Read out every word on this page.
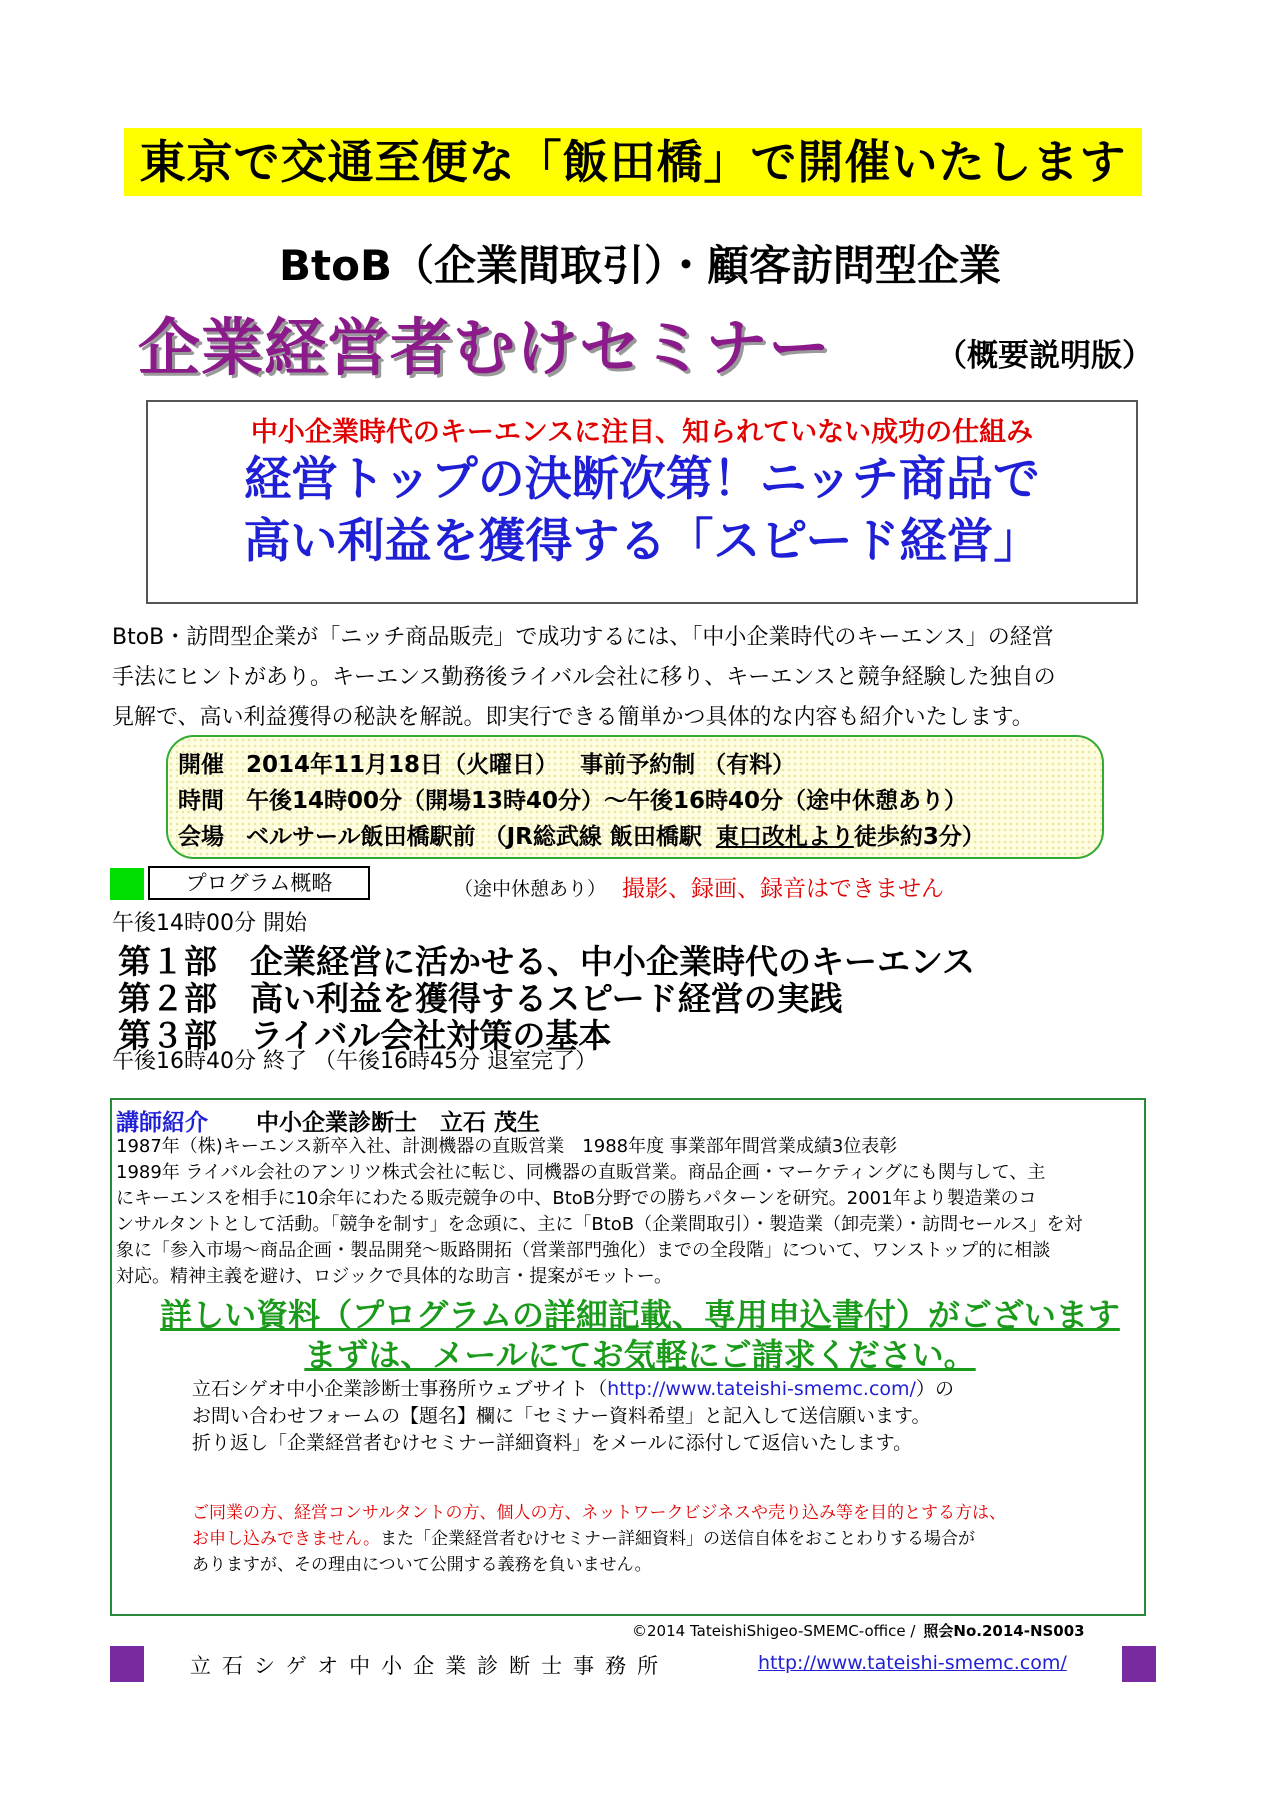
東京で交通至便な「飯田橋」で開催いたします
BtoB（企業間取引）・顧客訪問型企業
企業経営者むけセミナー	（概要説明版）
中小企業時代のキーエンスに注目、知られていない成功の仕組み
経営トップの決断次第！ニッチ商品で
高い利益を獲得する「スピード経営」
BtoB・訪問型企業が「ニッチ商品販売」で成功するには、「中小企業時代のキーエンス」の経営
手法にヒントがあり。キーエンス勤務後ライバル会社に移り、キーエンスと競争経験した独自の
見解で、高い利益獲得の秘訣を解説。即実行できる簡単かつ具体的な内容も紹介いたします。
開催 2014年11月18日（火曜日） 事前予約制 （有料）
時間 午後14時00分（開場13時40分）～午後16時40分（途中休憩あり）
会場 ベルサール飯田橋駅前 （JR総武線 飯田橋駅 東口改札より徒歩約3分）
プログラム概略	（途中休憩あり） 撮影、録画、録音はできません
午後14時00分 開始
第１部　企業経営に活かせる、中小企業時代のキーエンス
第２部　高い利益を獲得するスピード経営の実践
第３部　ライバル会社対策の基本
午後16時40分 終了 （午後16時45分 退室完了）
講師紹介 中小企業診断士　立石 茂生
1987年（株)キーエンス新卒入社、計測機器の直販営業　1988年度 事業部年間営業成績3位表彰
1989年 ライバル会社のアンリツ株式会社に転じ、同機器の直販営業。商品企画・マーケティングにも関与して、主
にキーエンスを相手に10余年にわたる販売競争の中、BtoB分野での勝ちパターンを研究。2001年より製造業のコ
ンサルタントとして活動。「競争を制す」を念頭に、主に「BtoB（企業間取引）・製造業（卸売業）・訪問セールス」を対
象に「参入市場～商品企画・製品開発～販路開拓（営業部門強化）までの全段階」について、ワンストップ的に相談
対応。精神主義を避け、ロジックで具体的な助言・提案がモットー。
詳しい資料（プログラムの詳細記載、専用申込書付）がございます
まずは、メールにてお気軽にご請求ください。
立石シゲオ中小企業診断士事務所ウェブサイト（http://www.tateishi-smemc.com/）の
お問い合わせフォームの【題名】欄に「セミナー資料希望」と記入して送信願います。
折り返し「企業経営者むけセミナー詳細資料」をメールに添付して返信いたします。
ご同業の方、経営コンサルタントの方、個人の方、ネットワークビジネスや売り込み等を目的とする方は、
お申し込みできません。また「企業経営者むけセミナー詳細資料」の送信自体をおことわりする場合が
ありますが、その理由について公開する義務を負いません。
©2014 TateishiShigeo-SMEMC-office / 照会No.2014-NS003
立石シゲオ中小企業診断士事務所	http://www.tateishi-smemc.com/
